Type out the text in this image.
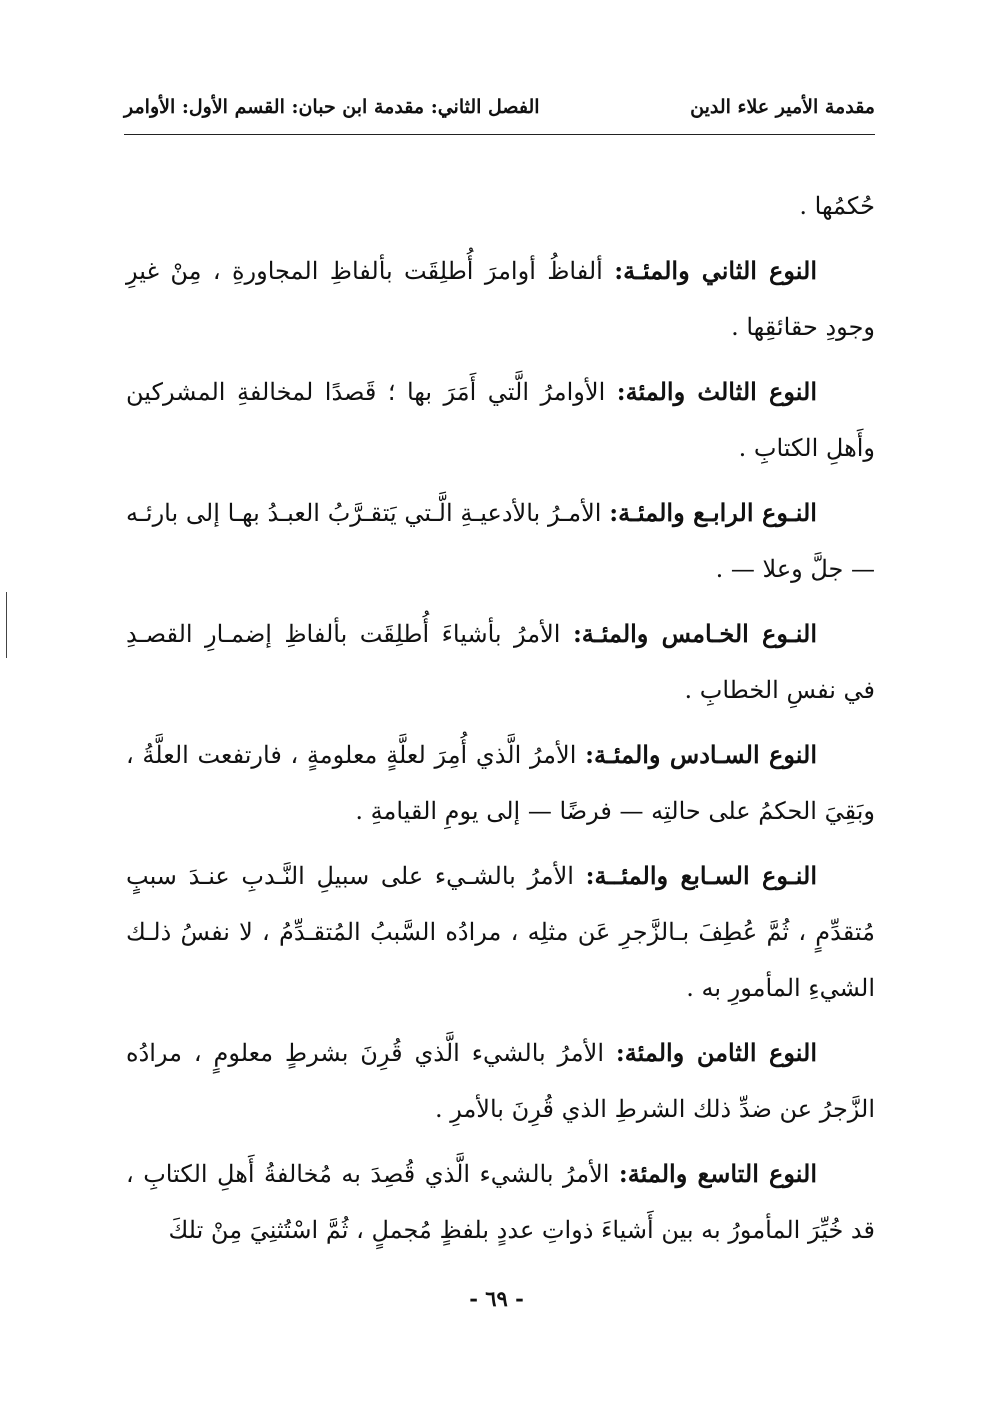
مقدمة الأمير علاء الدين
الفصل الثاني: مقدمة ابن حبان: القسم الأول: الأوامر

حُكمُها .

النوع الثاني والمئـة: ألفاظُ أوامرَ أُطلِقَت بألفاظِ المجاورةِ ، مِنْ غيرِ وجودِ حقائقِها .

النوع الثالث والمئة: الأوامرُ الَّتي أَمَرَ بها ؛ قَصدًا لمخالفةِ المشركين وأَهلِ الكتابِ .

النـوع الرابـع والمئـة: الأمـرُ بالأدعيـةِ الَّـتي يَتقـرَّبُ العبـدُ بهـا إلى بارئـه — جلَّ وعلا — .

النـوع الخـامس والمئـة: الأمرُ بأشياءَ أُطلِقَت بألفاظِ إضمـارِ القصـدِ في نفسِ الخطابِ .

النوع السـادس والمئـة: الأمرُ الَّذي أُمِرَ لعلَّةٍ معلومةٍ ، فارتفعت العلَّةُ ، وبَقِيَ الحكمُ على حالتِه — فرضًا — إلى يومِ القيامةِ .

النـوع السـابع والمئــة: الأمرُ بالشـيء على سبيلِ النَّـدبِ عنـدَ سببٍ مُتقدِّمٍ ، ثُمَّ عُطِفَ بـالزَّجرِ عَن مثلِه ، مرادُه السَّببُ المُتقـدِّمُ ، لا نفسُ ذلـك الشيءِ المأمورِ به .

النوع الثامن والمئة: الأمرُ بالشيء الَّذي قُرِنَ بشرطٍ معلومٍ ، مرادُه الزَّجرُ عن ضدِّ ذلك الشرطِ الذي قُرِنَ بالأمرِ .

النوع التاسع والمئة: الأمرُ بالشيء الَّذي قُصِدَ به مُخالفةُ أَهلِ الكتابِ ، قد خُيِّرَ المأمورُ به بين أَشياءَ ذواتِ عددٍ بلفظٍ مُجملٍ ، ثُمَّ اسْتُثنِيَ مِنْ تلكَ

- ٦٩ -
